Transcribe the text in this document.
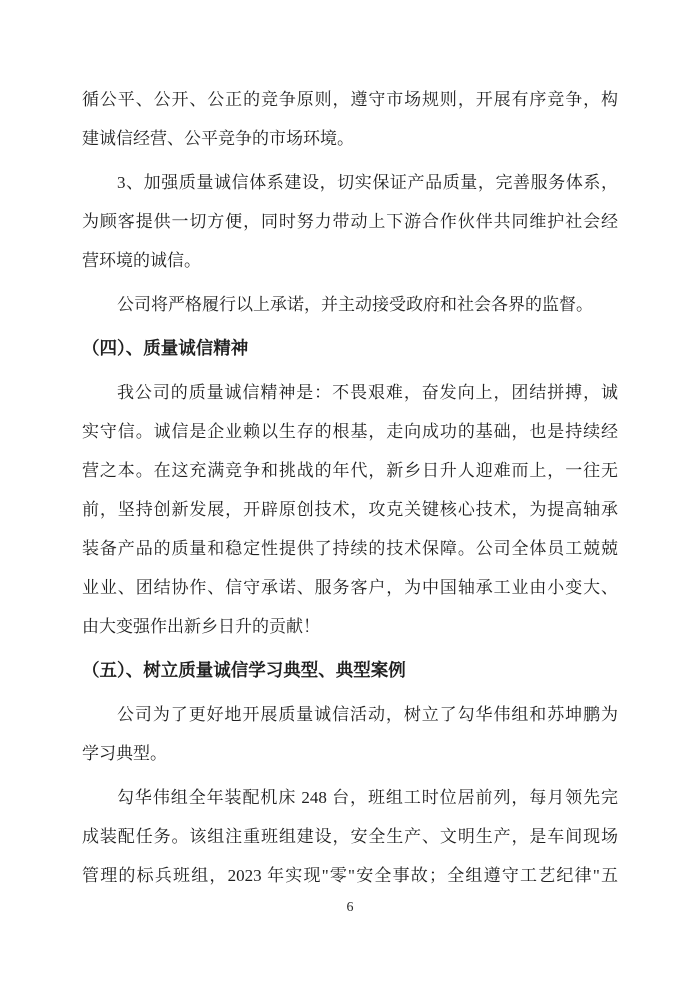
循公平、公开、公正的竞争原则，遵守市场规则，开展有序竞争，构
建诚信经营、公平竞争的市场环境。
3、加强质量诚信体系建设，切实保证产品质量，完善服务体系，
为顾客提供一切方便，同时努力带动上下游合作伙伴共同维护社会经
营环境的诚信。
公司将严格履行以上承诺，并主动接受政府和社会各界的监督。
（四）、质量诚信精神
我公司的质量诚信精神是：不畏艰难，奋发向上，团结拼搏，诚
实守信。诚信是企业赖以生存的根基，走向成功的基础，也是持续经
营之本。在这充满竞争和挑战的年代，新乡日升人迎难而上，一往无
前，坚持创新发展，开辟原创技术，攻克关键核心技术，为提高轴承
装备产品的质量和稳定性提供了持续的技术保障。公司全体员工兢兢
业业、团结协作、信守承诺、服务客户，为中国轴承工业由小变大、
由大变强作出新乡日升的贡献！
（五）、树立质量诚信学习典型、典型案例
公司为了更好地开展质量诚信活动，树立了勾华伟组和苏坤鹏为
学习典型。
勾华伟组全年装配机床 248 台，班组工时位居前列，每月领先完
成装配任务。该组注重班组建设，安全生产、文明生产，是车间现场
管理的标兵班组，2023 年实现"零"安全事故；全组遵守工艺纪律"五
6
